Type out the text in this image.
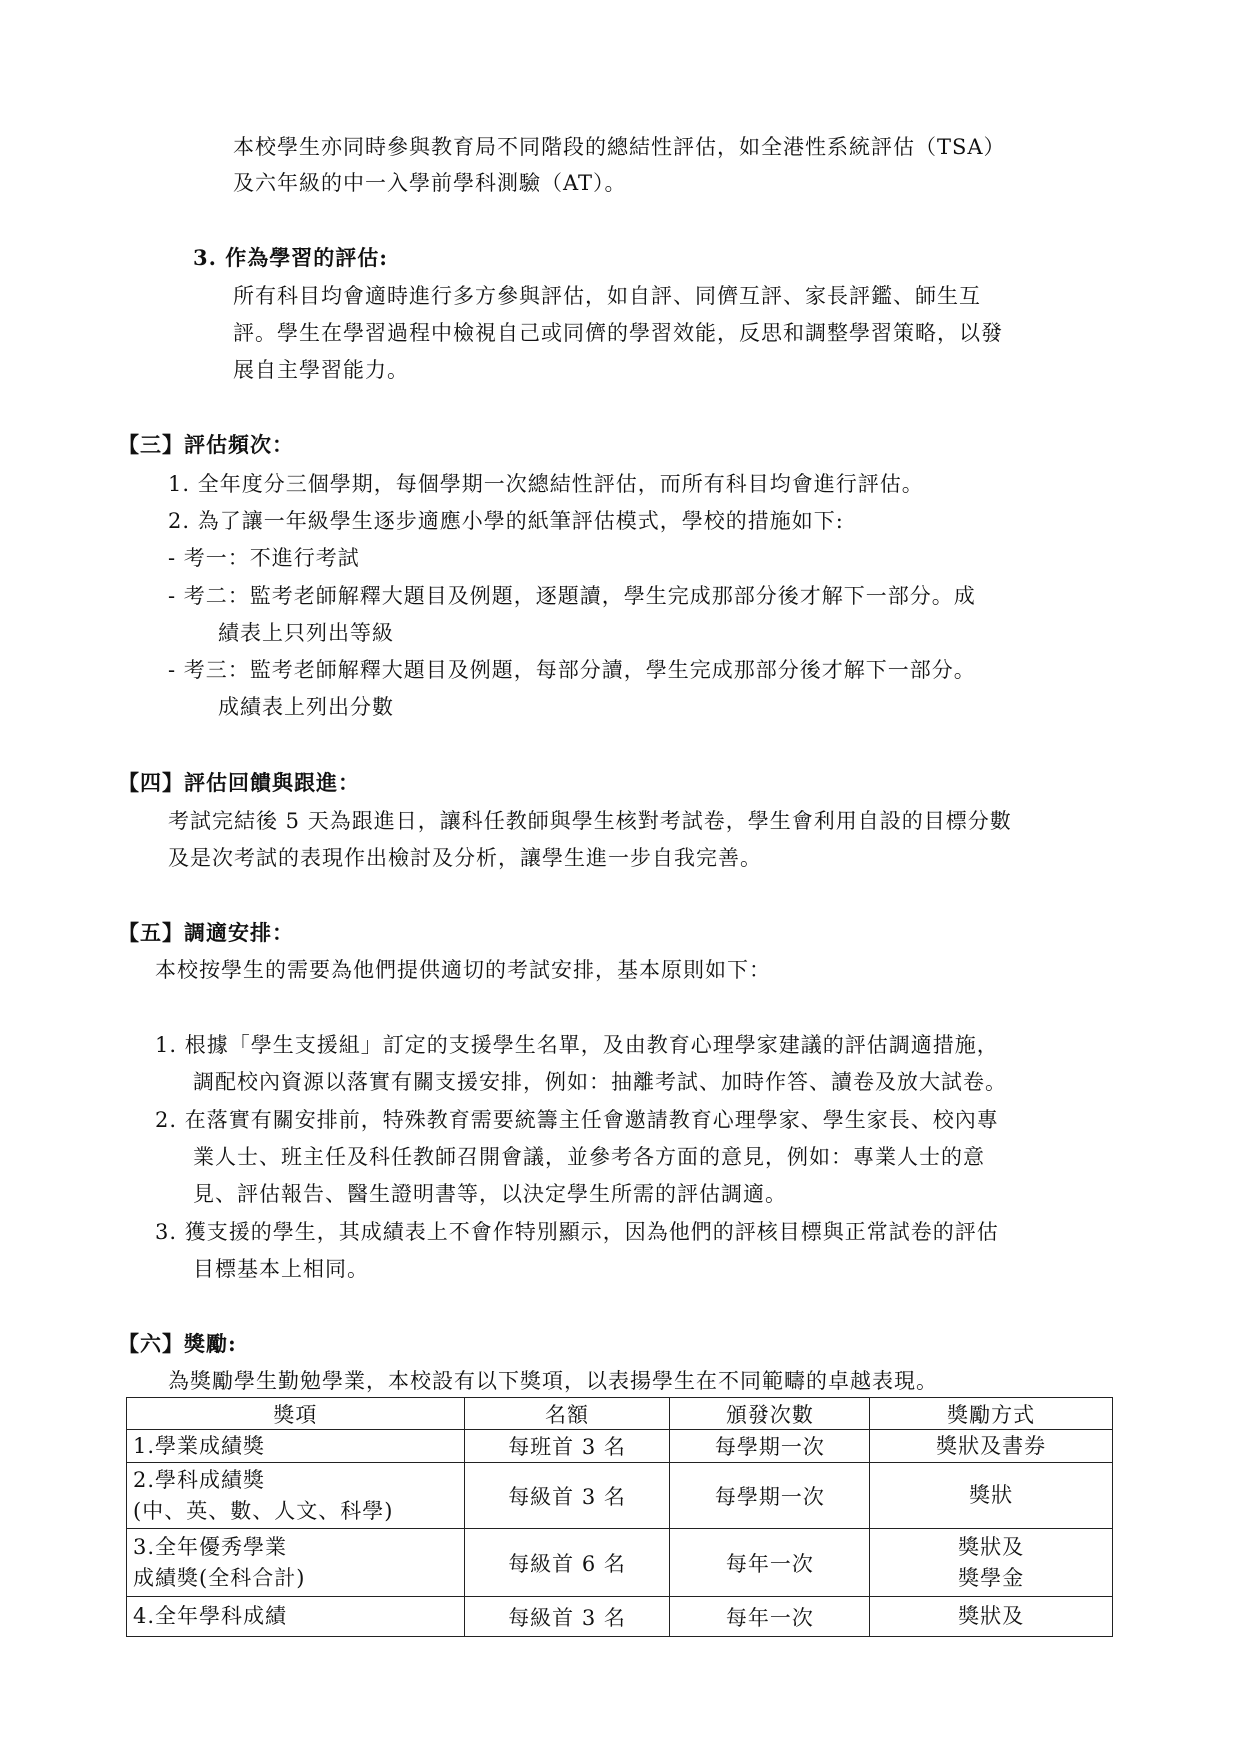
本校學生亦同時參與教育局不同階段的總結性評估，如全港性系統評估（TSA）
及六年級的中一入學前學科測驗（AT）。
3. 作為學習的評估:
所有科目均會適時進行多方參與評估，如自評、同儕互評、家長評鑑、師生互
評。學生在學習過程中檢視自己或同儕的學習效能，反思和調整學習策略，以發
展自主學習能力。
【三】評估頻次：
1. 全年度分三個學期，每個學期一次總結性評估，而所有科目均會進行評估。
2. 為了讓一年級學生逐步適應小學的紙筆評估模式，學校的措施如下:
- 考一：不進行考試
- 考二：監考老師解釋大題目及例題，逐題讀，學生完成那部分後才解下一部分。成
績表上只列出等級
- 考三：監考老師解釋大題目及例題，每部分讀，學生完成那部分後才解下一部分。
成績表上列出分數
【四】評估回饋與跟進：
考試完結後 5 天為跟進日，讓科任教師與學生核對考試卷，學生會利用自設的目標分數
及是次考試的表現作出檢討及分析，讓學生進一步自我完善。
【五】調適安排：
本校按學生的需要為他們提供適切的考試安排，基本原則如下：
1. 根據「學生支援組」訂定的支援學生名單，及由教育心理學家建議的評估調適措施，
調配校內資源以落實有關支援安排，例如：抽離考試、加時作答、讀卷及放大試卷。
2. 在落實有關安排前，特殊教育需要統籌主任會邀請教育心理學家、學生家長、校內專
業人士、班主任及科任教師召開會議，並參考各方面的意見，例如：專業人士的意
見、評估報告、醫生證明書等，以決定學生所需的評估調適。
3. 獲支援的學生，其成績表上不會作特別顯示，因為他們的評核目標與正常試卷的評估
目標基本上相同。
【六】獎勵:
為獎勵學生勤勉學業，本校設有以下獎項，以表揚學生在不同範疇的卓越表現。
獎項	名額	頒發次數	獎勵方式

1.學業成績獎	每班首 3 名	每學期一次	獎狀及書券

2.學科成績獎
(中、英、數、人文、科學)	每級首 3 名	每學期一次	獎狀

3.全年優秀學業
成績獎(全科合計)	每級首 6 名	每年一次	獎狀及
獎學金

4.全年學科成績	每級首 3 名	每年一次	獎狀及
